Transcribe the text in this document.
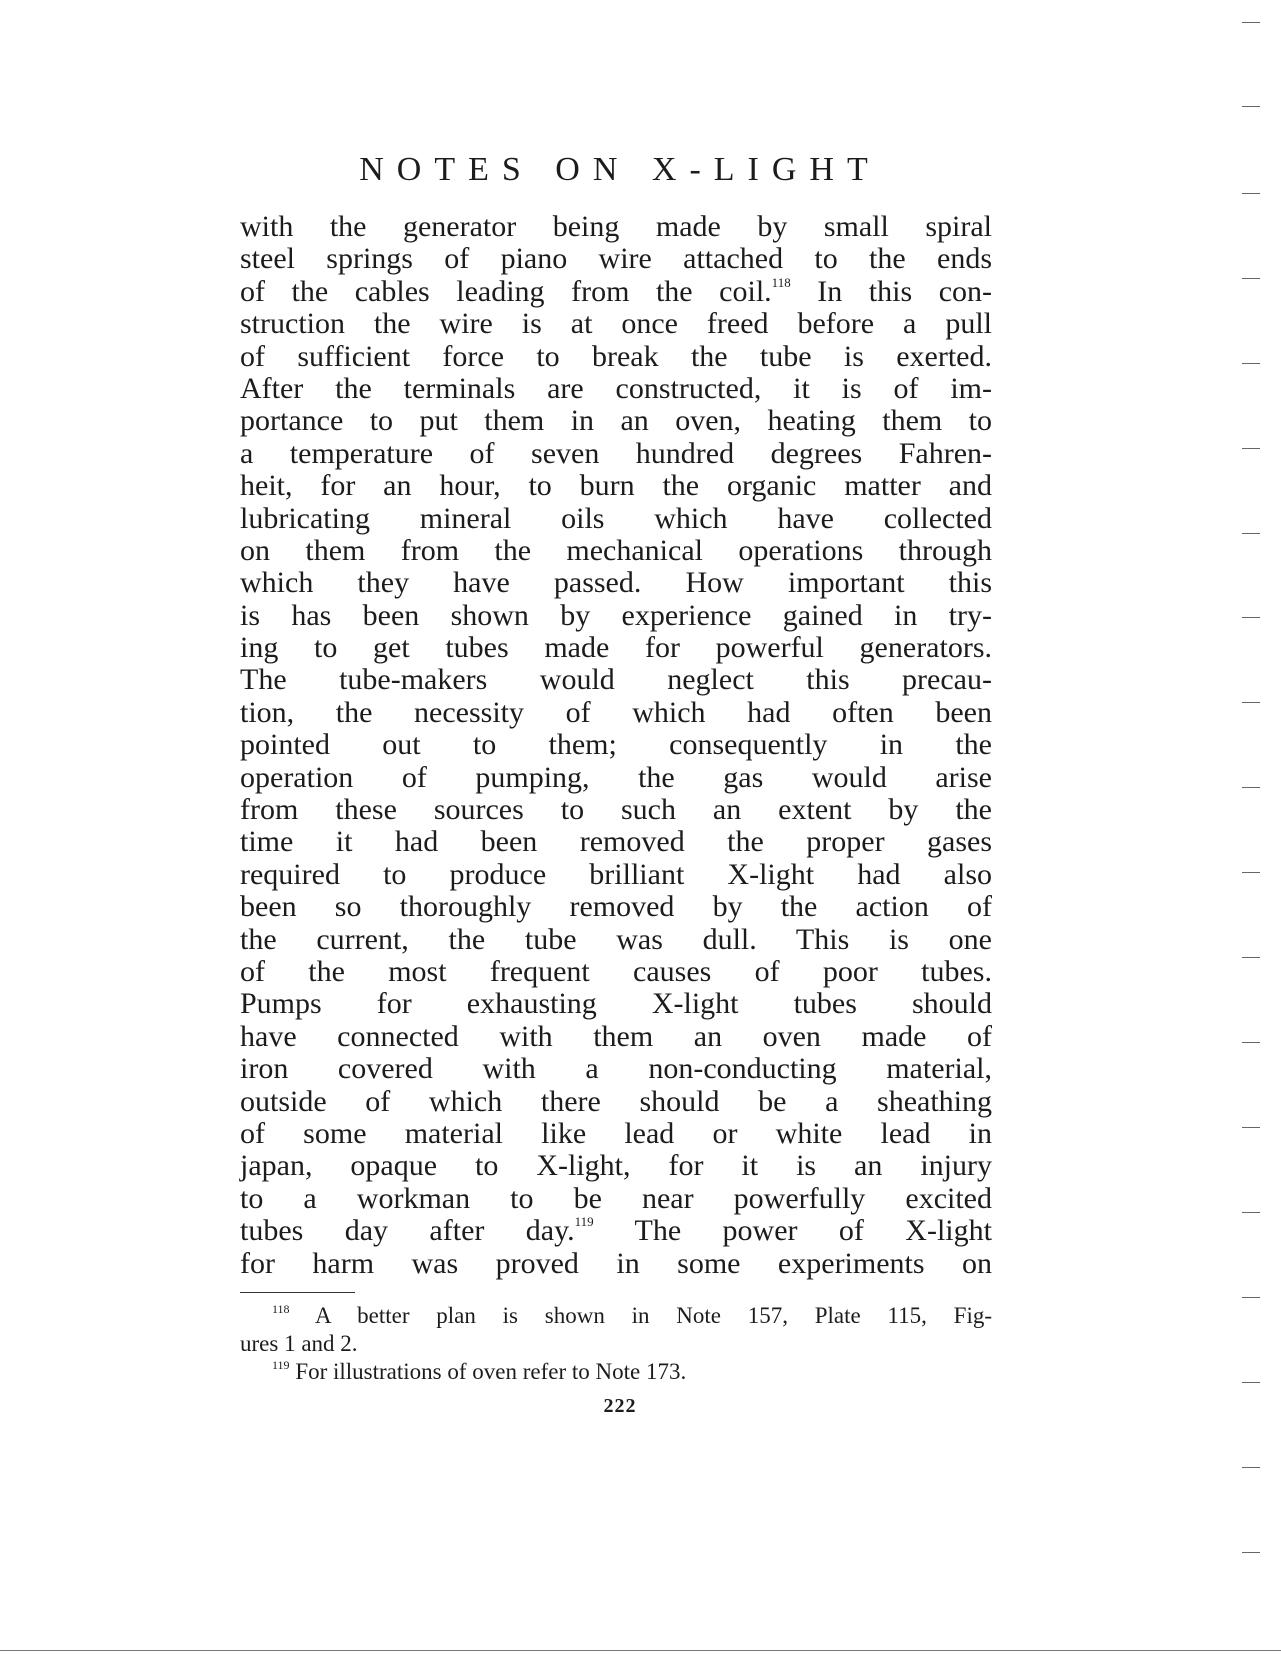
NOTES ON X-LIGHT
with the generator being made by small spiral
steel springs of piano wire attached to the ends
of the cables leading from the coil.$^{118}$ In this con-
struction the wire is at once freed before a pull
of sufficient force to break the tube is exerted.
After the terminals are constructed, it is of im-
portance to put them in an oven, heating them to
a temperature of seven hundred degrees Fahren-
heit, for an hour, to burn the organic matter and
lubricating mineral oils which have collected
on them from the mechanical operations through
which they have passed. How important this
is has been shown by experience gained in try-
ing to get tubes made for powerful generators.
The tube-makers would neglect this precau-
tion, the necessity of which had often been
pointed out to them; consequently in the
operation of pumping, the gas would arise
from these sources to such an extent by the
time it had been removed the proper gases
required to produce brilliant X-light had also
been so thoroughly removed by the action of
the current, the tube was dull. This is one
of the most frequent causes of poor tubes.
Pumps for exhausting X-light tubes should
have connected with them an oven made of
iron covered with a non-conducting material,
outside of which there should be a sheathing
of some material like lead or white lead in
japan, opaque to X-light, for it is an injury
to a workman to be near powerfully excited
tubes day after day.$^{119}$ The power of X-light
for harm was proved in some experiments on
$^{118}$ A better plan is shown in Note 157, Plate 115, Fig-
ures 1 and 2.
$^{119}$ For illustrations of oven refer to Note 173.
222
